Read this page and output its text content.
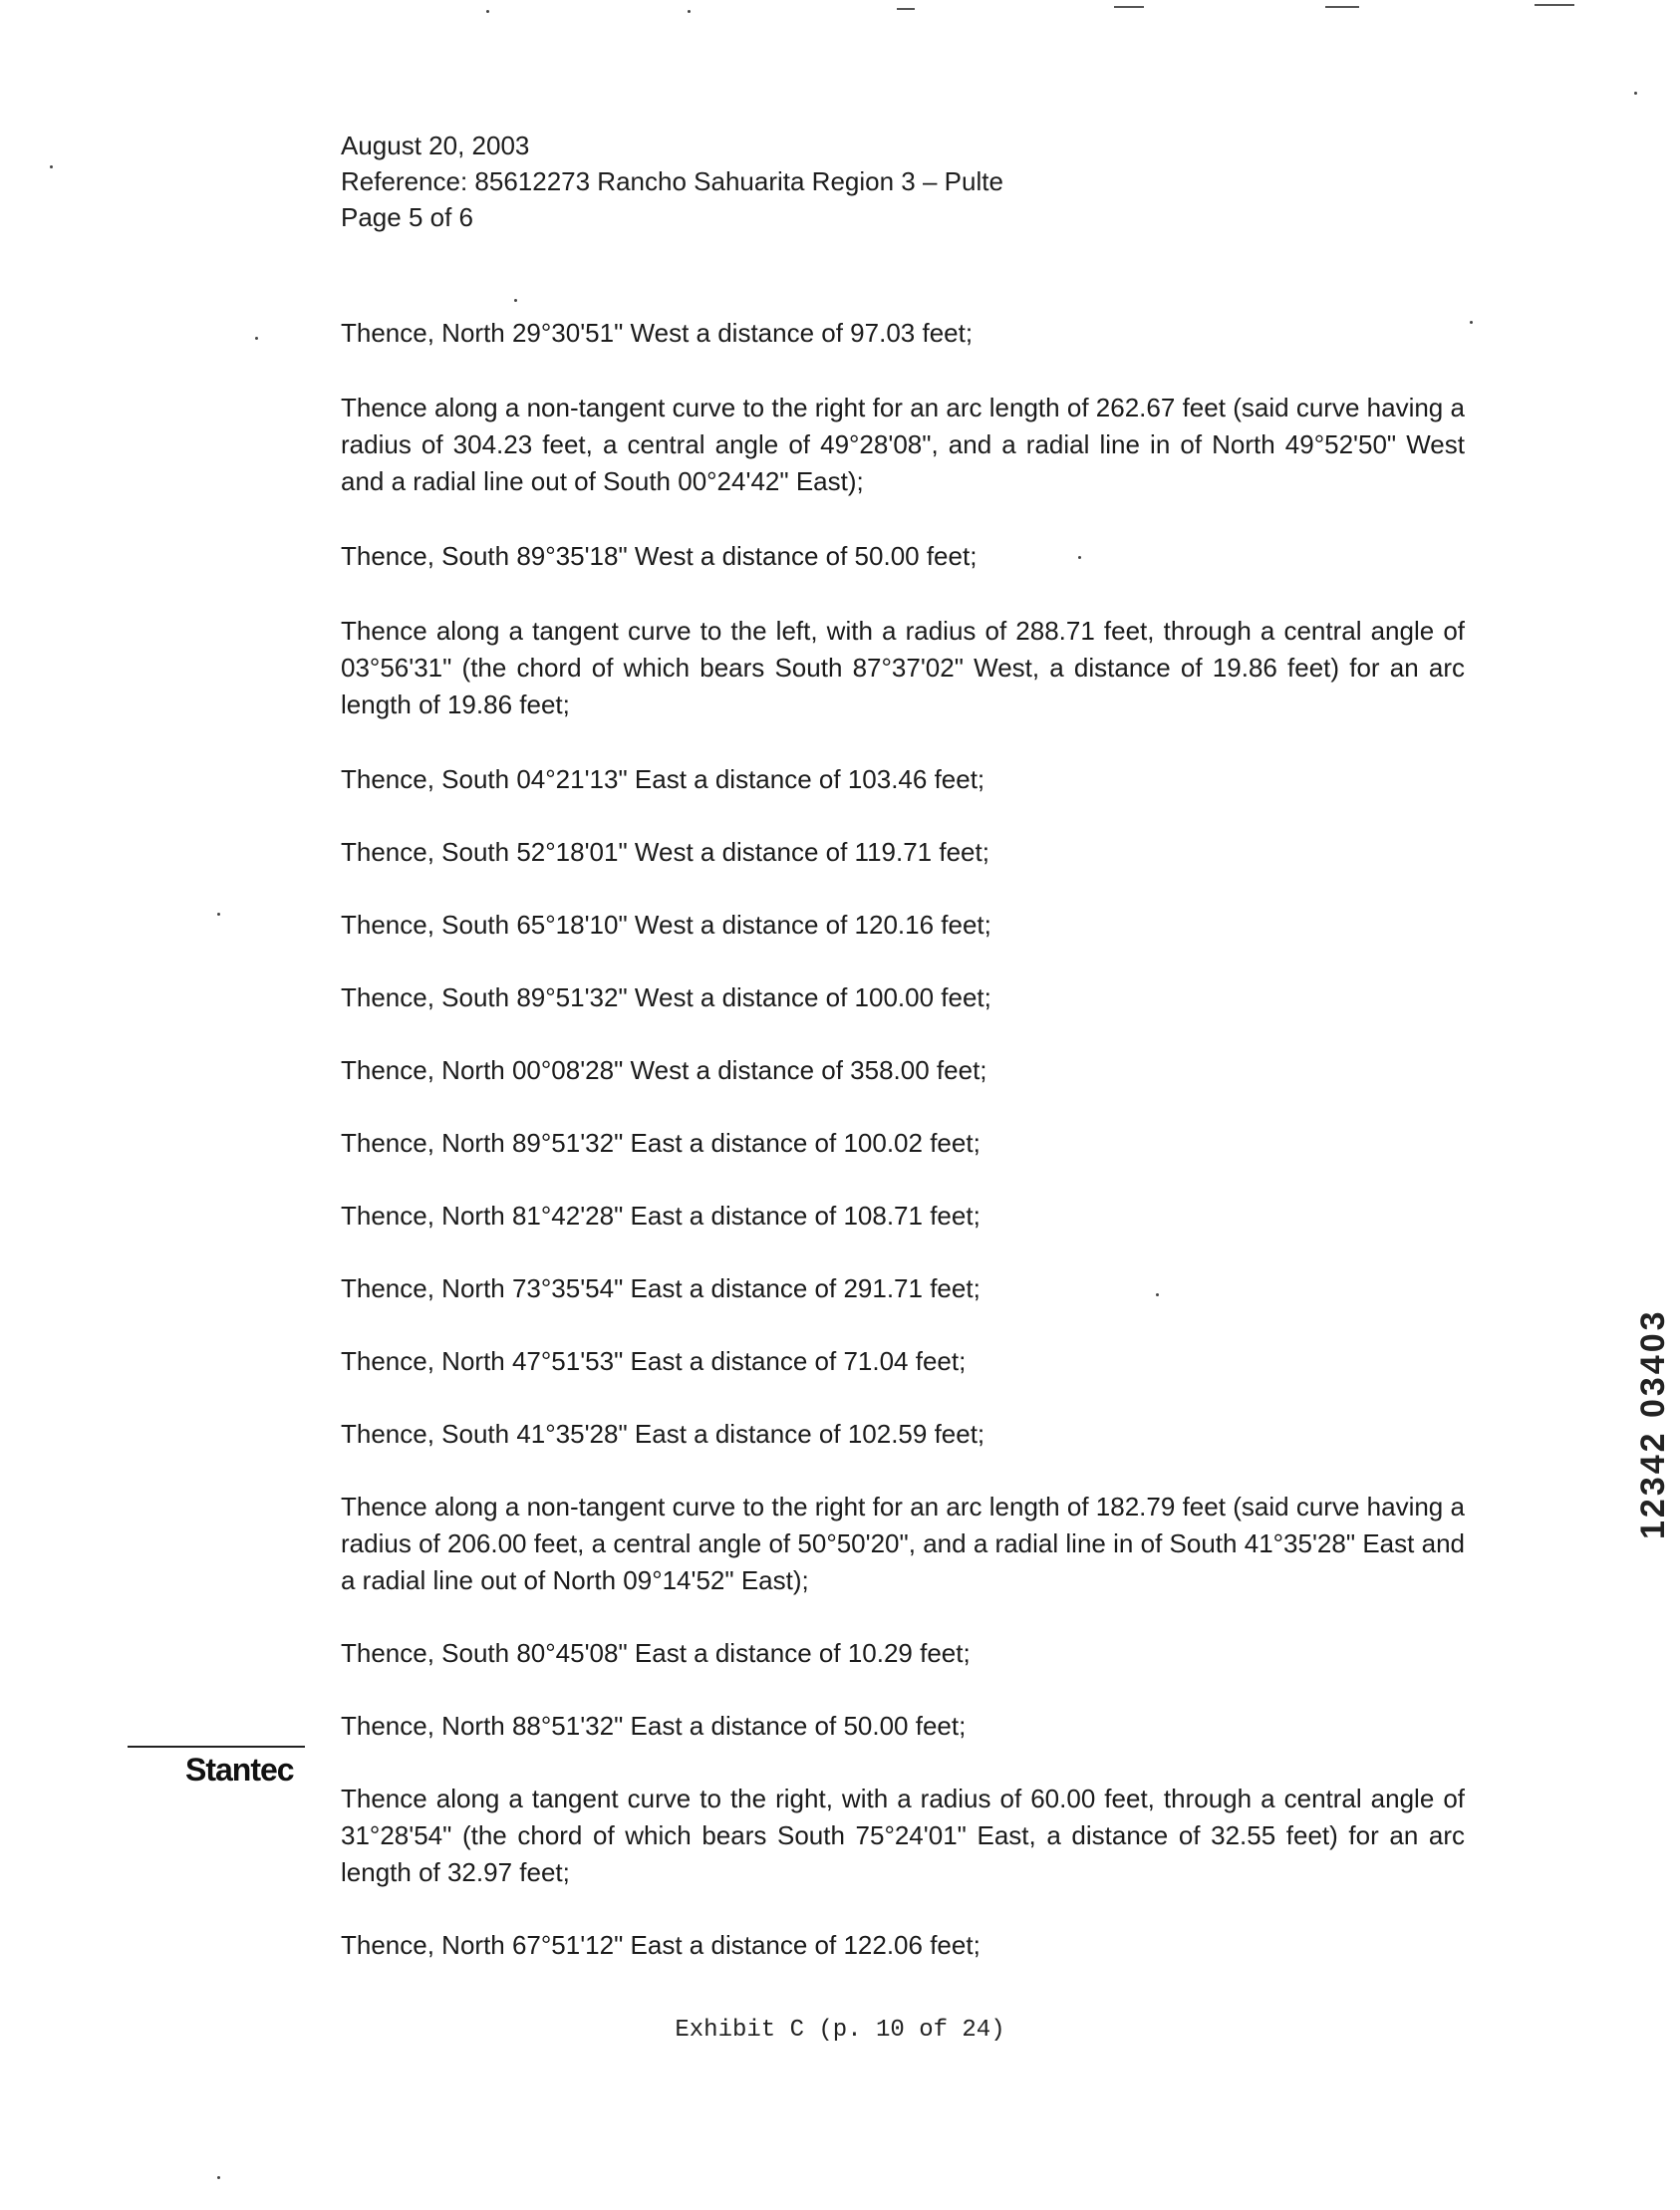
August 20, 2003
Reference: 85612273 Rancho Sahuarita Region 3 – Pulte
Page 5 of 6

Thence, North 29°30'51" West a distance of 97.03 feet;

Thence along a non-tangent curve to the right for an arc length of 262.67 feet (said curve having a radius of 304.23 feet, a central angle of 49°28'08", and a radial line in of North 49°52'50" West and a radial line out of South 00°24'42" East);

Thence, South 89°35'18" West a distance of 50.00 feet;

Thence along a tangent curve to the left, with a radius of 288.71 feet, through a central angle of 03°56'31" (the chord of which bears South 87°37'02" West, a distance of 19.86 feet) for an arc length of 19.86 feet;

Thence, South 04°21'13" East a distance of 103.46 feet;

Thence, South 52°18'01" West a distance of 119.71 feet;

Thence, South 65°18'10" West a distance of 120.16 feet;

Thence, South 89°51'32" West a distance of 100.00 feet;

Thence, North 00°08'28" West a distance of 358.00 feet;

Thence, North 89°51'32" East a distance of 100.02 feet;

Thence, North 81°42'28" East a distance of 108.71 feet;

Thence, North 73°35'54" East a distance of 291.71 feet;

Thence, North 47°51'53" East a distance of 71.04 feet;

Thence, South 41°35'28" East a distance of 102.59 feet;

Thence along a non-tangent curve to the right for an arc length of 182.79 feet (said curve having a radius of 206.00 feet, a central angle of 50°50'20", and a radial line in of South 41°35'28" East and a radial line out of North 09°14'52" East);

Thence, South 80°45'08" East a distance of 10.29 feet;

Thence, North 88°51'32" East a distance of 50.00 feet;

Thence along a tangent curve to the right, with a radius of 60.00 feet, through a central angle of 31°28'54" (the chord of which bears South 75°24'01" East, a distance of 32.55 feet) for an arc length of 32.97 feet;

Thence, North 67°51'12" East a distance of 122.06 feet;

Stantec
12342 03403
Exhibit C (p. 10 of 24)
